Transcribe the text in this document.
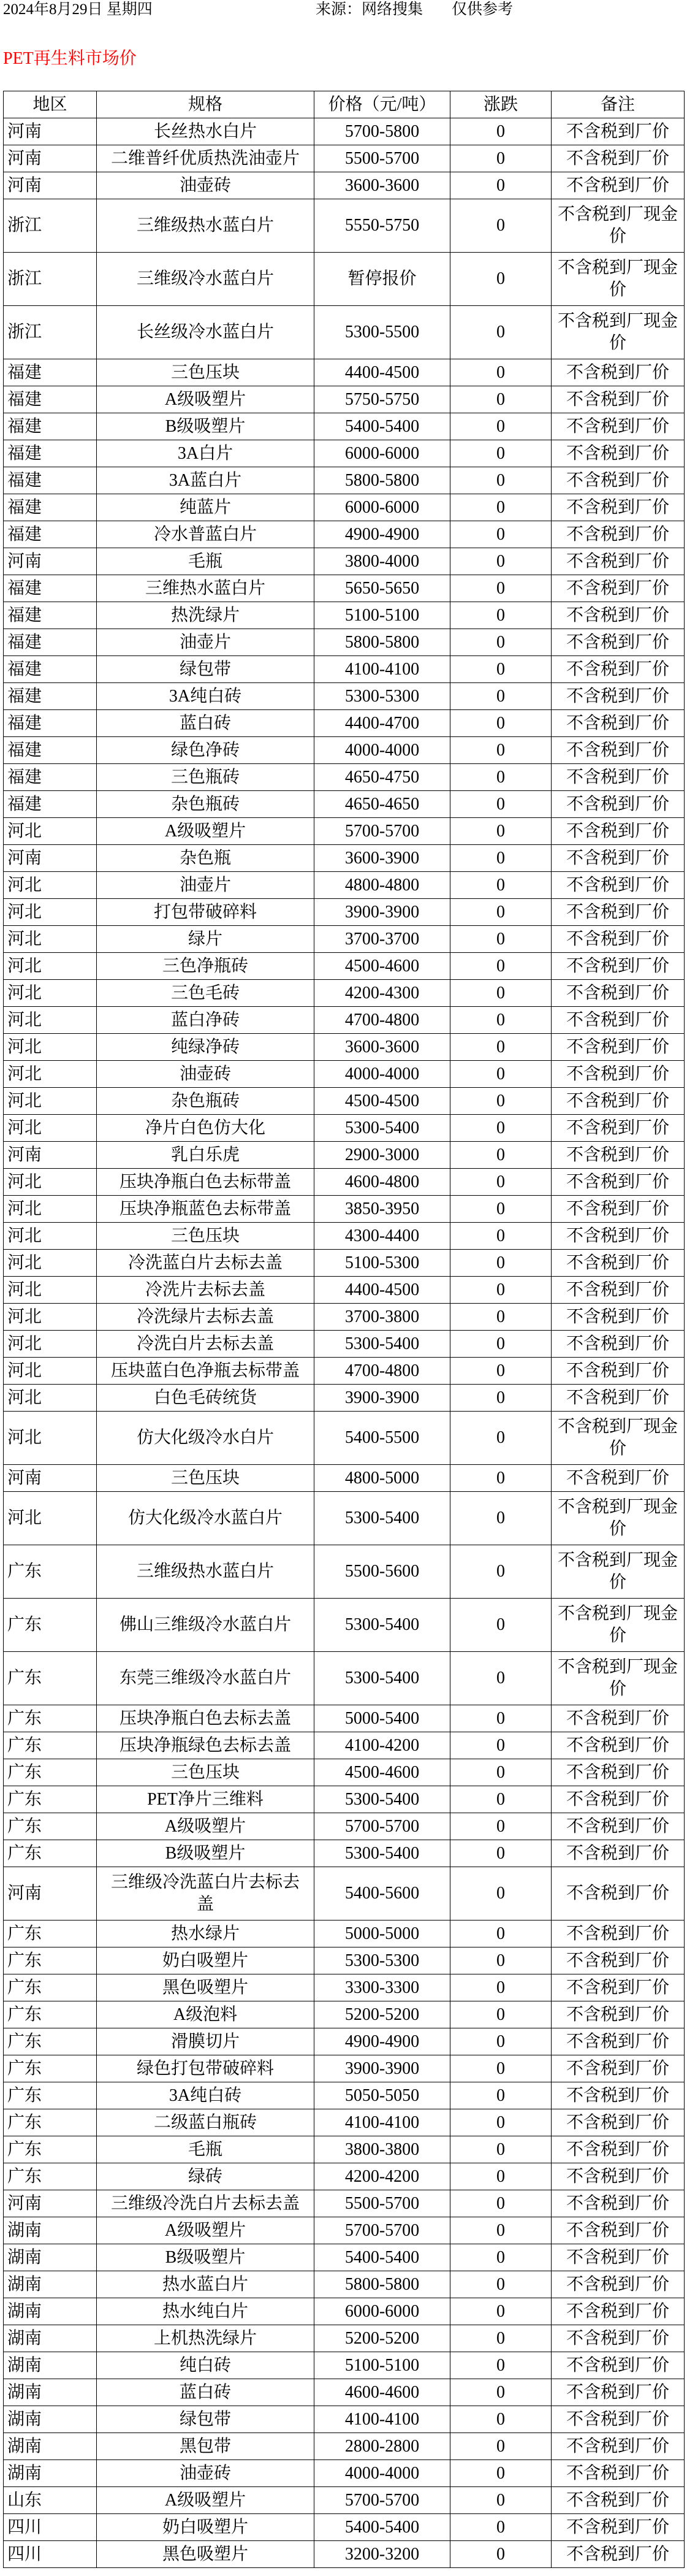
2024年8月29日 星期四	来源：网络搜集 仅供参考
PET再生料市场价
地区	规格	价格（元/吨）	涨跌	备注
河南	长丝热水白片	5700-5800	0	不含税到厂价
河南	二维普纤优质热洗油壶片	5500-5700	0	不含税到厂价
河南	油壶砖	3600-3600	0	不含税到厂价
浙江	三维级热水蓝白片	5550-5750	0	不含税到厂现金价
浙江	三维级冷水蓝白片	暂停报价	0	不含税到厂现金价
浙江	长丝级冷水蓝白片	5300-5500	0	不含税到厂现金价
福建	三色压块	4400-4500	0	不含税到厂价
福建	A级吸塑片	5750-5750	0	不含税到厂价
福建	B级吸塑片	5400-5400	0	不含税到厂价
福建	3A白片	6000-6000	0	不含税到厂价
福建	3A蓝白片	5800-5800	0	不含税到厂价
福建	纯蓝片	6000-6000	0	不含税到厂价
福建	冷水普蓝白片	4900-4900	0	不含税到厂价
河南	毛瓶	3800-4000	0	不含税到厂价
福建	三维热水蓝白片	5650-5650	0	不含税到厂价
福建	热洗绿片	5100-5100	0	不含税到厂价
福建	油壶片	5800-5800	0	不含税到厂价
福建	绿包带	4100-4100	0	不含税到厂价
福建	3A纯白砖	5300-5300	0	不含税到厂价
福建	蓝白砖	4400-4700	0	不含税到厂价
福建	绿色净砖	4000-4000	0	不含税到厂价
福建	三色瓶砖	4650-4750	0	不含税到厂价
福建	杂色瓶砖	4650-4650	0	不含税到厂价
河北	A级吸塑片	5700-5700	0	不含税到厂价
河南	杂色瓶	3600-3900	0	不含税到厂价
河北	油壶片	4800-4800	0	不含税到厂价
河北	打包带破碎料	3900-3900	0	不含税到厂价
河北	绿片	3700-3700	0	不含税到厂价
河北	三色净瓶砖	4500-4600	0	不含税到厂价
河北	三色毛砖	4200-4300	0	不含税到厂价
河北	蓝白净砖	4700-4800	0	不含税到厂价
河北	纯绿净砖	3600-3600	0	不含税到厂价
河北	油壶砖	4000-4000	0	不含税到厂价
河北	杂色瓶砖	4500-4500	0	不含税到厂价
河北	净片白色仿大化	5300-5400	0	不含税到厂价
河南	乳白乐虎	2900-3000	0	不含税到厂价
河北	压块净瓶白色去标带盖	4600-4800	0	不含税到厂价
河北	压块净瓶蓝色去标带盖	3850-3950	0	不含税到厂价
河北	三色压块	4300-4400	0	不含税到厂价
河北	冷洗蓝白片去标去盖	5100-5300	0	不含税到厂价
河北	冷洗片去标去盖	4400-4500	0	不含税到厂价
河北	冷洗绿片去标去盖	3700-3800	0	不含税到厂价
河北	冷洗白片去标去盖	5300-5400	0	不含税到厂价
河北	压块蓝白色净瓶去标带盖	4700-4800	0	不含税到厂价
河北	白色毛砖统货	3900-3900	0	不含税到厂价
河北	仿大化级冷水白片	5400-5500	0	不含税到厂现金价
河南	三色压块	4800-5000	0	不含税到厂价
河北	仿大化级冷水蓝白片	5300-5400	0	不含税到厂现金价
广东	三维级热水蓝白片	5500-5600	0	不含税到厂现金价
广东	佛山三维级冷水蓝白片	5300-5400	0	不含税到厂现金价
广东	东莞三维级冷水蓝白片	5300-5400	0	不含税到厂现金价
广东	压块净瓶白色去标去盖	5000-5400	0	不含税到厂价
广东	压块净瓶绿色去标去盖	4100-4200	0	不含税到厂价
广东	三色压块	4500-4600	0	不含税到厂价
广东	PET净片三维料	5300-5400	0	不含税到厂价
广东	A级吸塑片	5700-5700	0	不含税到厂价
广东	B级吸塑片	5300-5400	0	不含税到厂价
河南	三维级冷洗蓝白片去标去盖	5400-5600	0	不含税到厂价
广东	热水绿片	5000-5000	0	不含税到厂价
广东	奶白吸塑片	5300-5300	0	不含税到厂价
广东	黑色吸塑片	3300-3300	0	不含税到厂价
广东	A级泡料	5200-5200	0	不含税到厂价
广东	滑膜切片	4900-4900	0	不含税到厂价
广东	绿色打包带破碎料	3900-3900	0	不含税到厂价
广东	3A纯白砖	5050-5050	0	不含税到厂价
广东	二级蓝白瓶砖	4100-4100	0	不含税到厂价
广东	毛瓶	3800-3800	0	不含税到厂价
广东	绿砖	4200-4200	0	不含税到厂价
河南	三维级冷洗白片去标去盖	5500-5700	0	不含税到厂价
湖南	A级吸塑片	5700-5700	0	不含税到厂价
湖南	B级吸塑片	5400-5400	0	不含税到厂价
湖南	热水蓝白片	5800-5800	0	不含税到厂价
湖南	热水纯白片	6000-6000	0	不含税到厂价
湖南	上机热洗绿片	5200-5200	0	不含税到厂价
湖南	纯白砖	5100-5100	0	不含税到厂价
湖南	蓝白砖	4600-4600	0	不含税到厂价
湖南	绿包带	4100-4100	0	不含税到厂价
湖南	黑包带	2800-2800	0	不含税到厂价
湖南	油壶砖	4000-4000	0	不含税到厂价
山东	A级吸塑片	5700-5700	0	不含税到厂价
四川	奶白吸塑片	5400-5400	0	不含税到厂价
四川	黑色吸塑片	3200-3200	0	不含税到厂价
